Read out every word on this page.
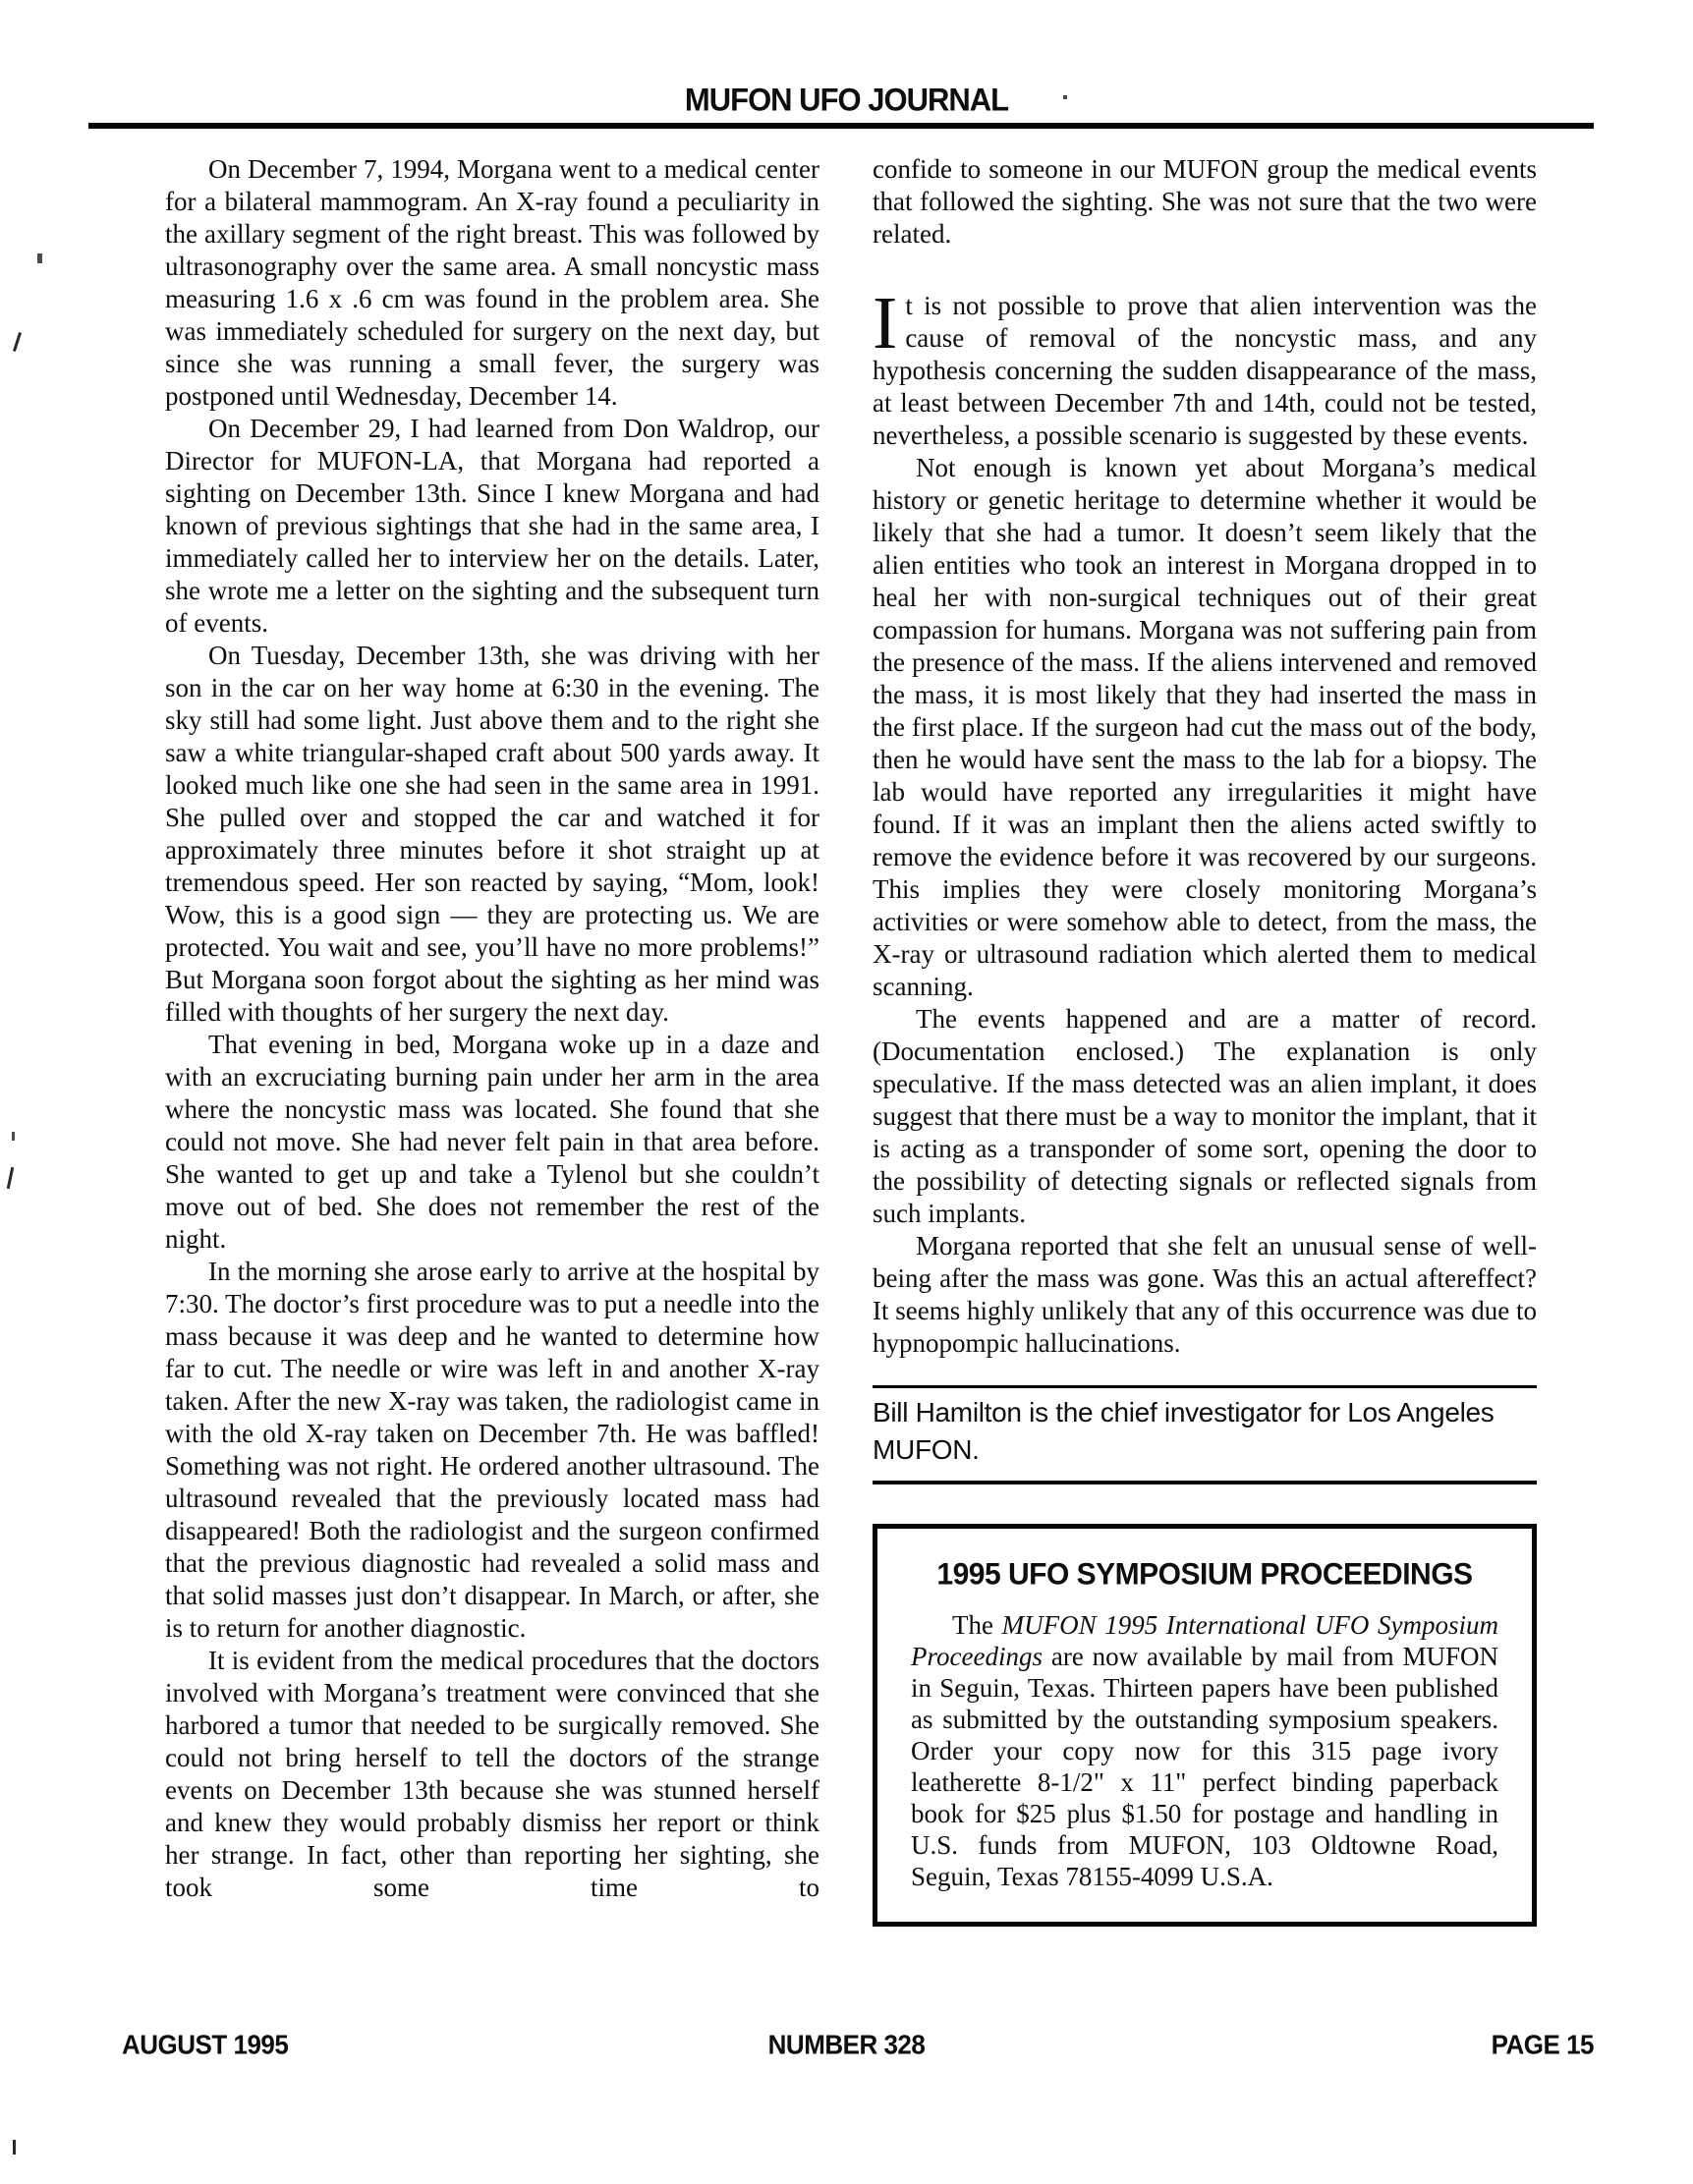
MUFON UFO JOURNAL

On December 7, 1994, Morgana went to a medical center for a bilateral mammogram. An X-ray found a peculiarity in the axillary segment of the right breast. This was followed by ultrasonography over the same area. A small noncystic mass measuring 1.6 x .6 cm was found in the problem area. She was immediately scheduled for surgery on the next day, but since she was running a small fever, the surgery was postponed until Wednesday, December 14.

On December 29, I had learned from Don Waldrop, our Director for MUFON-LA, that Morgana had reported a sighting on December 13th. Since I knew Morgana and had known of previous sightings that she had in the same area, I immediately called her to interview her on the details. Later, she wrote me a letter on the sighting and the subsequent turn of events.

On Tuesday, December 13th, she was driving with her son in the car on her way home at 6:30 in the evening. The sky still had some light. Just above them and to the right she saw a white triangular-shaped craft about 500 yards away. It looked much like one she had seen in the same area in 1991. She pulled over and stopped the car and watched it for approximately three minutes before it shot straight up at tremendous speed. Her son reacted by saying, “Mom, look! Wow, this is a good sign — they are protecting us. We are protected. You wait and see, you’ll have no more problems!” But Morgana soon forgot about the sighting as her mind was filled with thoughts of her surgery the next day.

That evening in bed, Morgana woke up in a daze and with an excruciating burning pain under her arm in the area where the noncystic mass was located. She found that she could not move. She had never felt pain in that area before. She wanted to get up and take a Tylenol but she couldn’t move out of bed. She does not remember the rest of the night.

In the morning she arose early to arrive at the hospital by 7:30. The doctor’s first procedure was to put a needle into the mass because it was deep and he wanted to determine how far to cut. The needle or wire was left in and another X-ray taken. After the new X-ray was taken, the radiologist came in with the old X-ray taken on December 7th. He was baffled! Something was not right. He ordered another ultrasound. The ultrasound revealed that the previously located mass had disappeared! Both the radiologist and the surgeon confirmed that the previous diagnostic had revealed a solid mass and that solid masses just don’t disappear. In March, or after, she is to return for another diagnostic.

It is evident from the medical procedures that the doctors involved with Morgana’s treatment were convinced that she harbored a tumor that needed to be surgically removed. She could not bring herself to tell the doctors of the strange events on December 13th because she was stunned herself and knew they would probably dismiss her report or think her strange. In fact, other than reporting her sighting, she took some time to

confide to someone in our MUFON group the medical events that followed the sighting. She was not sure that the two were related.

It is not possible to prove that alien intervention was the cause of removal of the noncystic mass, and any hypothesis concerning the sudden disappearance of the mass, at least between December 7th and 14th, could not be tested, nevertheless, a possible scenario is suggested by these events.

Not enough is known yet about Morgana’s medical history or genetic heritage to determine whether it would be likely that she had a tumor. It doesn’t seem likely that the alien entities who took an interest in Morgana dropped in to heal her with non-surgical techniques out of their great compassion for humans. Morgana was not suffering pain from the presence of the mass. If the aliens intervened and removed the mass, it is most likely that they had inserted the mass in the first place. If the surgeon had cut the mass out of the body, then he would have sent the mass to the lab for a biopsy. The lab would have reported any irregularities it might have found. If it was an implant then the aliens acted swiftly to remove the evidence before it was recovered by our surgeons. This implies they were closely monitoring Morgana’s activities or were somehow able to detect, from the mass, the X-ray or ultrasound radiation which alerted them to medical scanning.

The events happened and are a matter of record. (Documentation enclosed.) The explanation is only speculative. If the mass detected was an alien implant, it does suggest that there must be a way to monitor the implant, that it is acting as a transponder of some sort, opening the door to the possibility of detecting signals or reflected signals from such implants.

Morgana reported that she felt an unusual sense of well-being after the mass was gone. Was this an actual aftereffect? It seems highly unlikely that any of this occurrence was due to hypnopompic hallucinations.

Bill Hamilton is the chief investigator for Los Angeles MUFON.
1995 UFO SYMPOSIUM PROCEEDINGS

The MUFON 1995 International UFO Symposium Proceedings are now available by mail from MUFON in Seguin, Texas. Thirteen papers have been published as submitted by the outstanding symposium speakers. Order your copy now for this 315 page ivory leatherette 8-1/2" x 11" perfect binding paperback book for $25 plus $1.50 for postage and handling in U.S. funds from MUFON, 103 Oldtowne Road, Seguin, Texas 78155-4099 U.S.A.

AUGUST 1995	NUMBER 328	PAGE 15
